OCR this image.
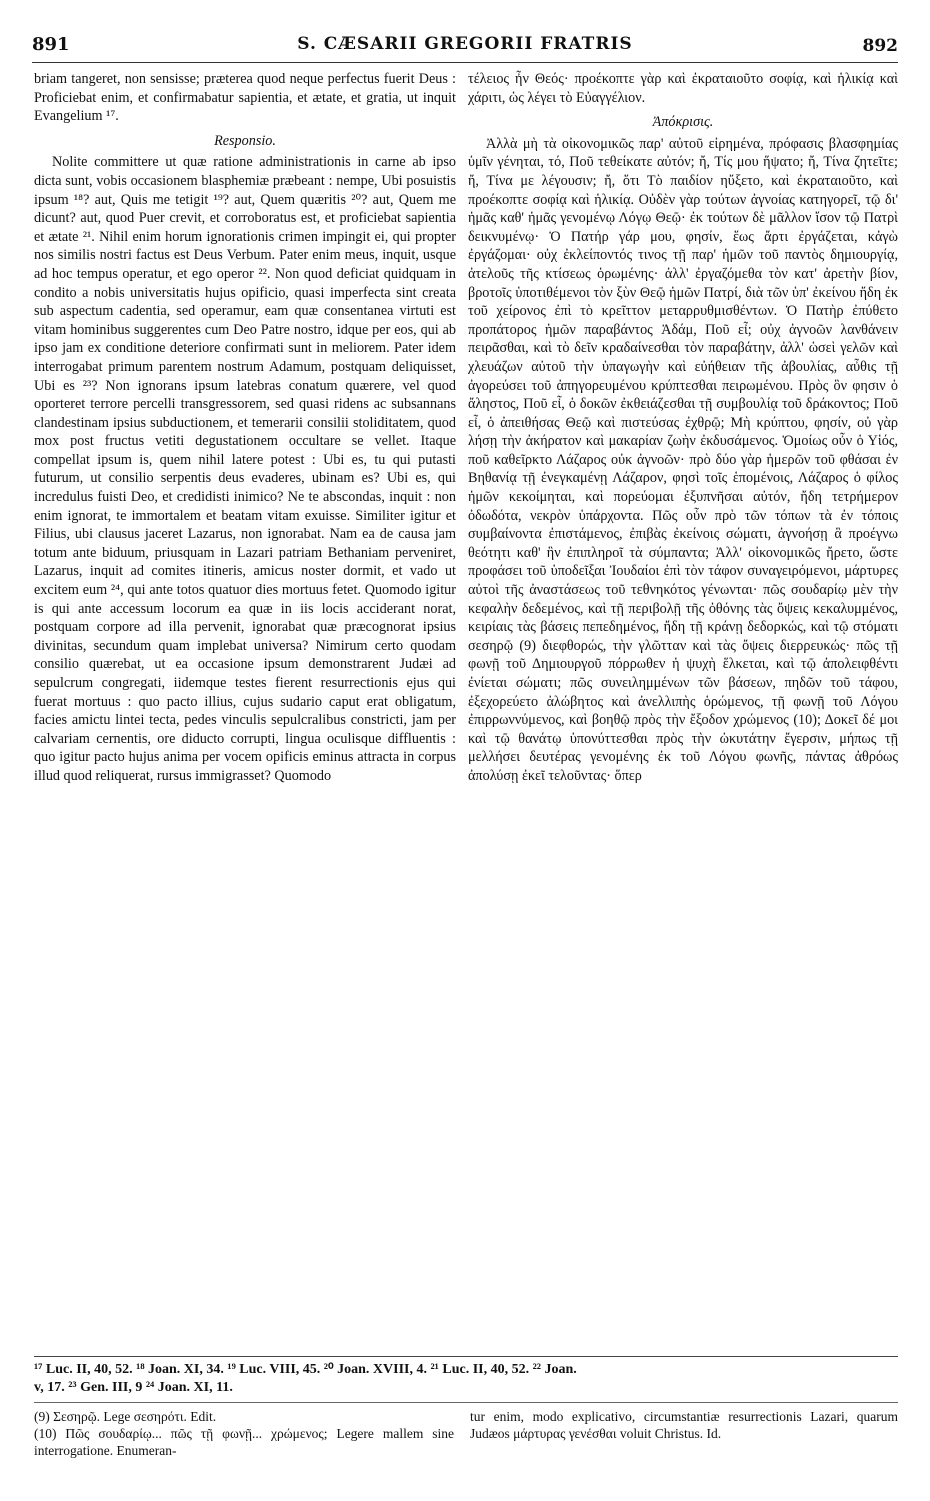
891	S. CÆSARII GREGORII FRATRIS	892

briam tangeret, non sensisse; præterea quod neque perfectus fuerit Deus : Proficiebat enim, et confirmabatur sapientia, et ætate, et gratia, ut inquit Evangelium ¹⁷.

Responsio.

Nolite committere ut quæ ratione administrationis in carne ab ipso dicta sunt, vobis occasionem blasphemiæ præbeant : nempe, Ubi posuistis ipsum ¹⁸? aut, Quis me tetigit ¹⁹? aut, Quem quæritis ²⁰? aut, Quem me dicunt? aut, quod Puer crevit, et corroboratus est, et proficiebat sapientia et ætate ²¹. Nihil enim horum ignorationis crimen impingit ei, qui propter nos similis nostri factus est Deus Verbum. Pater enim meus, inquit, usque ad hoc tempus operatur, et ego operor ²². Non quod deficiat quidquam in condito a nobis universitatis hujus opificio, quasi imperfecta sint creata sub aspectum cadentia, sed operamur, eam quæ consentanea virtuti est vitam hominibus suggerentes cum Deo Patre nostro, idque per eos, qui ab ipso jam ex conditione deteriore confirmati sunt in meliorem. Pater idem interrogabat primum parentem nostrum Adamum, postquam deliquisset, Ubi es ²³? Non ignorans ipsum latebras conatum quærere, vel quod oporteret terrore percelli transgressorem, sed quasi ridens ac subsannans clandestinam ipsius subductionem, et temerarii consilii stoliditatem, quod mox post fructus vetiti degustationem occultare se vellet. Itaque compellat ipsum is, quem nihil latere potest : Ubi es, tu qui putasti futurum, ut consilio serpentis deus evaderes, ubinam es? Ubi es, qui incredulus fuisti Deo, et credidisti inimico? Ne te abscondas, inquit : non enim ignorat, te immortalem et beatam vitam exuisse. Similiter igitur et Filius, ubi clausus jaceret Lazarus, non ignorabat. Nam ea de causa jam totum ante biduum, priusquam in Lazari patriam Bethaniam perveniret, Lazarus, inquit ad comites itineris, amicus noster dormit, et vado ut excitem eum ²⁴, qui ante totos quatuor dies mortuus fetet. Quomodo igitur is qui ante accessum locorum ea quæ in iis locis acciderant norat, postquam corpore ad illa pervenit, ignorabat quæ præcognorat ipsius divinitas, secundum quam implebat universa? Nimirum certo quodam consilio quærebat, ut ea occasione ipsum demonstrarent Judæi ad sepulcrum congregati, iidemque testes fierent resurrectionis ejus qui fuerat mortuus : quo pacto illius, cujus sudario caput erat obligatum, facies amictu lintei tecta, pedes vinculis sepulcralibus constricti, jam per calvariam cernentis, ore diducto corrupti, lingua oculisque diffluentis : quo igitur pacto hujus anima per vocem opificis eminus attracta in corpus illud quod reliquerat, rursus immigrasset? Quomodo

τέλειος ἦν Θεός· προέκοπτε γὰρ καὶ ἐκραταιοῦτο σοφίᾳ, καὶ ἡλικίᾳ καὶ χάριτι, ὡς λέγει τὸ Εὐαγγέλιον.

Ἀπόκρισις.

Ἀλλὰ μὴ τὰ οἰκονομικῶς παρ' αὐτοῦ εἰρημένα, πρόφασις βλασφημίας ὑμῖν γένηται, τό, Ποῦ τεθείκατε αὐτόν; ἤ, Τίς μου ἥψατο; ἤ, Τίνα ζητεῖτε; ἤ, Τίνα με λέγουσιν; ἤ, ὅτι Τὸ παιδίον ηὔξετο, καὶ ἐκραταιοῦτο, καὶ προέκοπτε σοφίᾳ καὶ ἡλικίᾳ. Οὐδὲν γὰρ τούτων ἀγνοίας κατηγορεῖ, τῷ δι' ἡμᾶς καθ' ἡμᾶς γενομένῳ Λόγῳ Θεῷ· ἐκ τούτων δὲ μᾶλλον ἴσον τῷ Πατρὶ δεικνυμένῳ· Ὁ Πατήρ γάρ μου, φησίν, ἕως ἄρτι ἐργάζεται, κἀγὼ ἐργάζομαι· οὐχ ἐκλείποντός τινος τῇ παρ' ἡμῶν τοῦ παντὸς δημιουργίᾳ, ἀτελοῦς τῆς κτίσεως ὁρωμένης· ἀλλ' ἐργαζόμεθα τὸν κατ' ἀρετὴν βίον, βροτοῖς ὑποτιθέμενοι τὸν ξὺν Θεῷ ἡμῶν Πατρί, διὰ τῶν ὑπ' ἐκείνου ἤδη ἐκ τοῦ χείρονος ἐπὶ τὸ κρεῖττον μεταρρυθμισθέντων. Ὁ Πατὴρ ἐπύθετο προπάτορος ἡμῶν παραβάντος Ἀδάμ, Ποῦ εἶ; οὐχ ἀγνοῶν λανθάνειν πειρᾶσθαι, καὶ τὸ δεῖν κραδαίνεσθαι τὸν παραβάτην, ἀλλ' ὡσεὶ γελῶν καὶ χλευάζων αὐτοῦ τὴν ὑπαγωγὴν καὶ εὐήθειαν τῆς ἀβουλίας, αὖθις τῇ ἀγορεύσει τοῦ ἀπηγορευμένου κρύπτεσθαι πειρωμένου. Πρὸς ὃν φησιν ὁ ἄληστος, Ποῦ εἶ, ὁ δοκῶν ἐκθειάζεσθαι τῇ συμβουλίᾳ τοῦ δράκοντος; Ποῦ εἶ, ὁ ἀπειθήσας Θεῷ καὶ πιστεύσας ἐχθρῷ; Μὴ κρύπτου, φησίν, οὐ γὰρ λήσῃ τὴν ἀκήρατον καὶ μακαρίαν ζωὴν ἐκδυσάμενος. Ὁμοίως οὖν ὁ Υἱός, ποῦ καθεῖρκτο Λάζαρος οὐκ ἀγνοῶν· πρὸ δύο γὰρ ἡμερῶν τοῦ φθάσαι ἐν Βηθανίᾳ τῇ ἐνεγκαμένῃ Λάζαρον, φησὶ τοῖς ἑπομένοις, Λάζαρος ὁ φίλος ἡμῶν κεκοίμηται, καὶ πορεύομαι ἐξυπνῆσαι αὐτόν, ἤδη τετρήμερον ὀδωδότα, νεκρὸν ὑπάρχοντα. Πῶς οὖν πρὸ τῶν τόπων τὰ ἐν τόποις συμβαίνοντα ἐπιστάμενος, ἐπιβὰς ἐκείνοις σώματι, ἀγνοήσῃ ἃ προέγνω θεότητι καθ' ἣν ἐπιπληροῖ τὰ σύμπαντα; Ἀλλ' οἰκονομικῶς ἤρετο, ὥστε προφάσει τοῦ ὑποδεῖξαι Ἰουδαίοι ἐπὶ τὸν τάφον συναγειρόμενοι, μάρτυρες αὐτοὶ τῆς ἀναστάσεως τοῦ τεθνηκότος γένωνται· πῶς σουδαρίῳ μὲν τὴν κεφαλὴν δεδεμένος, καὶ τῇ περιβολῇ τῆς ὀθόνης τὰς ὄψεις κεκαλυμμένος, κειρίαις τὰς βάσεις πεπεδημένος, ἤδη τῇ κράνῃ δεδορκώς, καὶ τῷ στόματι σεσηρῷ (9) διεφθορώς, τὴν γλῶτταν καὶ τὰς ὄψεις διερρευκώς· πῶς τῇ φωνῇ τοῦ Δημιουργοῦ πόρρωθεν ἡ ψυχὴ ἕλκεται, καὶ τῷ ἀπολειφθέντι ἐνίεται σώματι; πῶς συνειλημμένων τῶν βάσεων, πηδῶν τοῦ τάφου, ἐξεχορεύετο ἀλώβητος καὶ ἀνελλιπὴς ὁρώμενος, τῇ φωνῇ τοῦ Λόγου ἐπιρρωννύμενος, καὶ βοηθῷ πρὸς τὴν ἔξοδον χρώμενος (10); Δοκεῖ δέ μοι καὶ τῷ θανάτῳ ὑπονύττεσθαι πρὸς τὴν ὠκυτάτην ἔγερσιν, μήπως τῇ μελλήσει δευτέρας γενομένης ἐκ τοῦ Λόγου φωνῆς, πάντας ἀθρόως ἀπολύσῃ ἐκεῖ τελοῦντας· ὅπερ

¹⁷ Luc. II, 40, 52. ¹⁸ Joan. XI, 34. ¹⁹ Luc. VIII, 45. ²⁰ Joan. XVIII, 4. ²¹ Luc. II, 40, 52. ²² Joan.
v, 17. ²³ Gen. III, 9 ²⁴ Joan. XI, 11.
(9) Σεσηρῷ. Lege σεσηρότι. Edit.
(10) Πῶς σουδαρίῳ... πῶς τῇ φωνῇ... χρώμενος; Legere mallem sine interrogatione. Enumeran-
tur enim, modo explicativo, circumstantiæ resurrectionis Lazari, quarum Judæos μάρτυρας γενέσθαι voluit Christus. Id.
